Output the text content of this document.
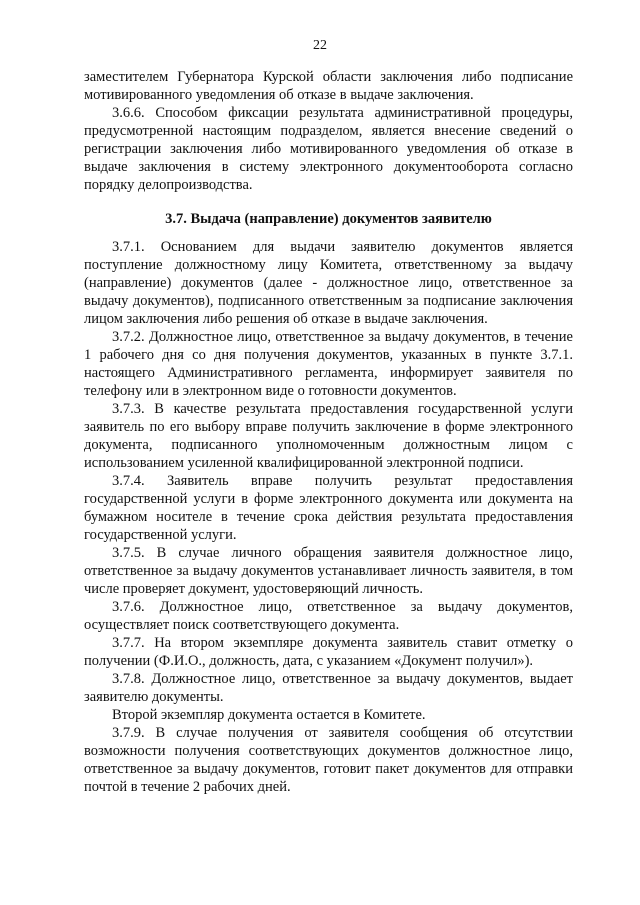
22

заместителем Губернатора Курской области заключения либо подписание мотивированного уведомления об отказе в выдаче заключения.

3.6.6. Способом фиксации результата административной процедуры, предусмотренной настоящим подразделом, является внесение сведений о регистрации заключения либо мотивированного уведомления об отказе в выдаче заключения в систему электронного документооборота согласно порядку делопроизводства.

3.7. Выдача (направление) документов заявителю

3.7.1. Основанием для выдачи заявителю документов является поступление должностному лицу Комитета, ответственному за выдачу (направление) документов (далее - должностное лицо, ответственное за выдачу документов), подписанного ответственным за подписание заключения лицом заключения либо решения об отказе в выдаче заключения.

3.7.2. Должностное лицо, ответственное за выдачу документов, в течение 1 рабочего дня со дня получения документов, указанных в пункте 3.7.1. настоящего Административного регламента, информирует заявителя по телефону или в электронном виде о готовности документов.

3.7.3. В качестве результата предоставления государственной услуги заявитель по его выбору вправе получить заключение в форме электронного документа, подписанного уполномоченным должностным лицом с использованием усиленной квалифицированной электронной подписи.

3.7.4. Заявитель вправе получить результат предоставления государственной услуги в форме электронного документа или документа на бумажном носителе в течение срока действия результата предоставления государственной услуги.

3.7.5. В случае личного обращения заявителя должностное лицо, ответственное за выдачу документов устанавливает личность заявителя, в том числе проверяет документ, удостоверяющий личность.

3.7.6. Должностное лицо, ответственное за выдачу документов, осуществляет поиск соответствующего документа.

3.7.7. На втором экземпляре документа заявитель ставит отметку о получении (Ф.И.О., должность, дата, с указанием «Документ получил»).

3.7.8. Должностное лицо, ответственное за выдачу документов, выдает заявителю документы.

Второй экземпляр документа остается в Комитете.

3.7.9. В случае получения от заявителя сообщения об отсутствии возможности получения соответствующих документов должностное лицо, ответственное за выдачу документов, готовит пакет документов для отправки почтой в течение 2 рабочих дней.
